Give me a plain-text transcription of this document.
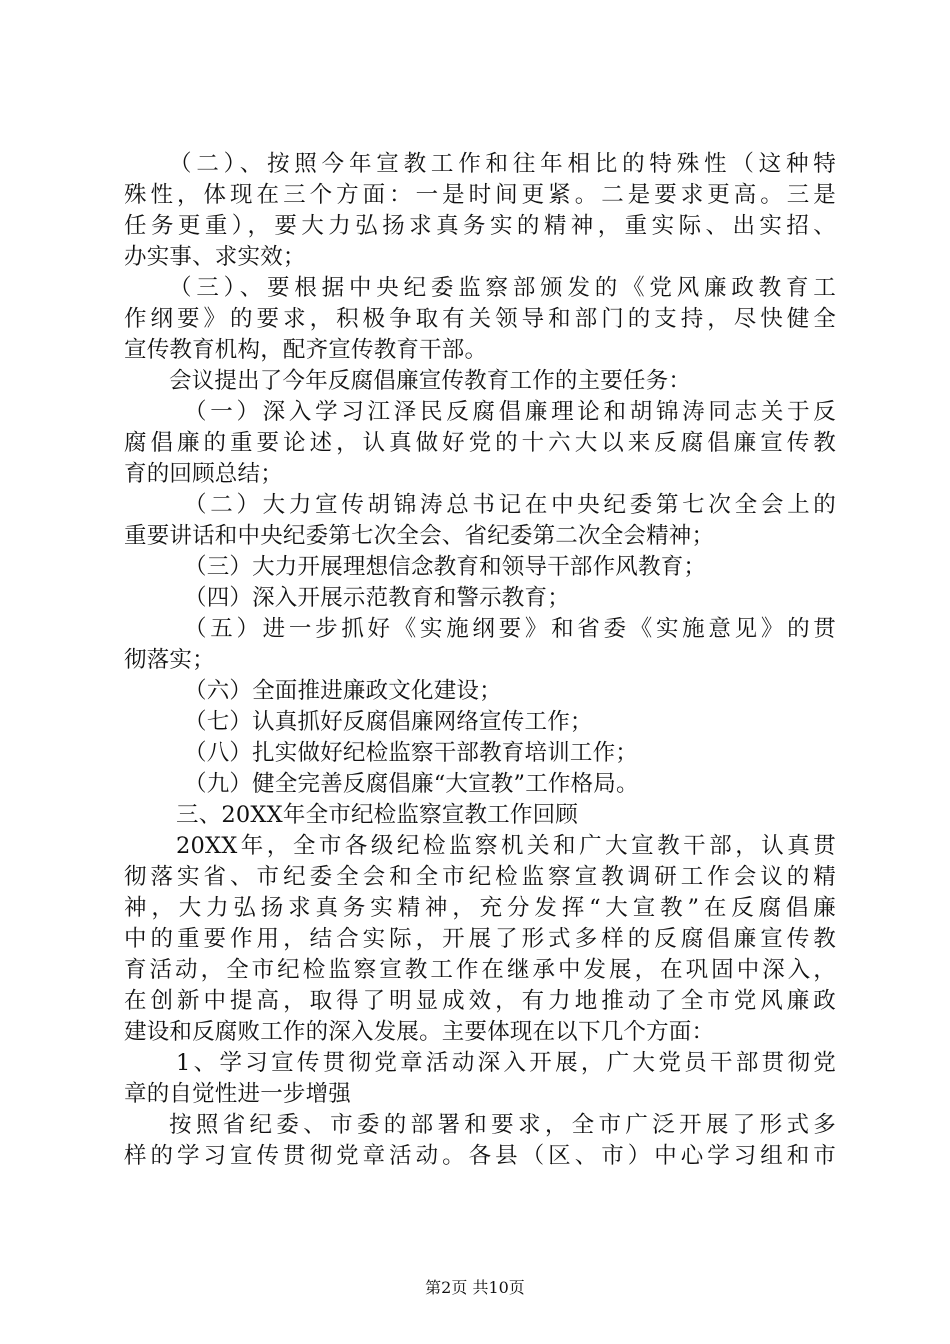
（二）、按照今年宣教工作和往年相比的特殊性（这种特
殊性，体现在三个方面：一是时间更紧。二是要求更高。三是
任务更重），要大力弘扬求真务实的精神，重实际、出实招、
办实事、求实效；
（三）、要根据中央纪委监察部颁发的《党风廉政教育工
作纲要》的要求，积极争取有关领导和部门的支持，尽快健全
宣传教育机构，配齐宣传教育干部。
会议提出了今年反腐倡廉宣传教育工作的主要任务：
（一）深入学习江泽民反腐倡廉理论和胡锦涛同志关于反
腐倡廉的重要论述，认真做好党的十六大以来反腐倡廉宣传教
育的回顾总结；
（二）大力宣传胡锦涛总书记在中央纪委第七次全会上的
重要讲话和中央纪委第七次全会、省纪委第二次全会精神；
（三）大力开展理想信念教育和领导干部作风教育；
（四）深入开展示范教育和警示教育；
（五）进一步抓好《实施纲要》和省委《实施意见》的贯
彻落实；
（六）全面推进廉政文化建设；
（七）认真抓好反腐倡廉网络宣传工作；
（八）扎实做好纪检监察干部教育培训工作；
（九）健全完善反腐倡廉“大宣教”工作格局。
三、20XX年全市纪检监察宣教工作回顾
20XX年，全市各级纪检监察机关和广大宣教干部，认真贯
彻落实省、市纪委全会和全市纪检监察宣教调研工作会议的精
神，大力弘扬求真务实精神，充分发挥“大宣教”在反腐倡廉
中的重要作用，结合实际，开展了形式多样的反腐倡廉宣传教
育活动，全市纪检监察宣教工作在继承中发展，在巩固中深入，
在创新中提高，取得了明显成效，有力地推动了全市党风廉政
建设和反腐败工作的深入发展。主要体现在以下几个方面：
1、学习宣传贯彻党章活动深入开展，广大党员干部贯彻党
章的自觉性进一步增强
按照省纪委、市委的部署和要求，全市广泛开展了形式多
样的学习宣传贯彻党章活动。各县（区、市）中心学习组和市
第2页 共10页
